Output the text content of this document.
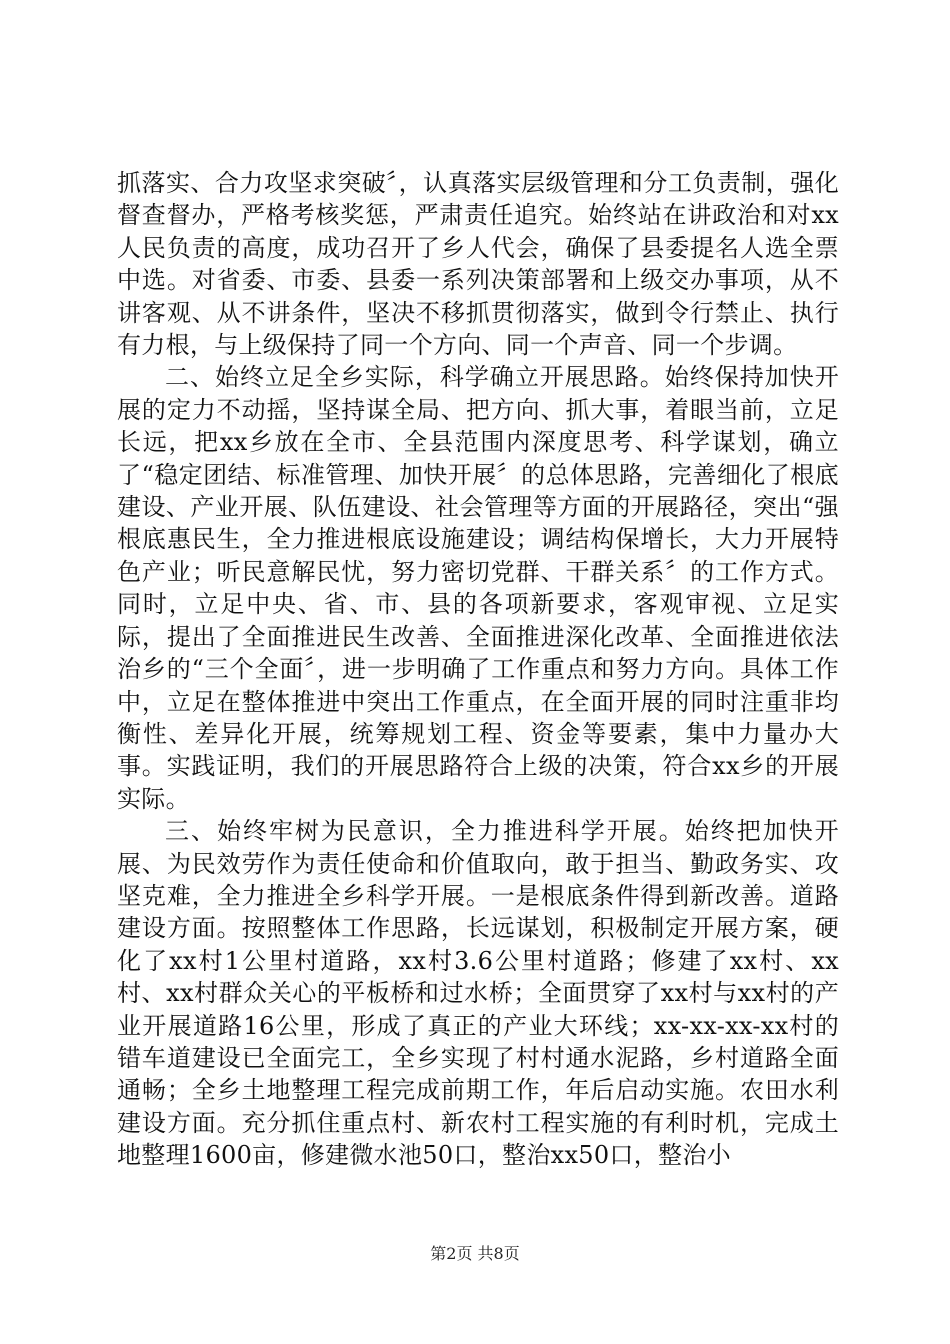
抓落实、合力攻坚求突破〞，认真落实层级管理和分工负责制，强化督查督办，严格考核奖惩，严肃责任追究。始终站在讲政治和对xx人民负责的高度，成功召开了乡人代会，确保了县委提名人选全票中选。对省委、市委、县委一系列决策部署和上级交办事项，从不讲客观、从不讲条件，坚决不移抓贯彻落实，做到令行禁止、执行有力根，与上级保持了同一个方向、同一个声音、同一个步调。

二、始终立足全乡实际，科学确立开展思路。始终保持加快开展的定力不动摇，坚持谋全局、把方向、抓大事，着眼当前，立足长远，把xx乡放在全市、全县范围内深度思考、科学谋划，确立了“稳定团结、标准管理、加快开展〞的总体思路，完善细化了根底建设、产业开展、队伍建设、社会管理等方面的开展路径，突出“强根底惠民生，全力推进根底设施建设；调结构保增长，大力开展特色产业；听民意解民忧，努力密切党群、干群关系〞的工作方式。同时，立足中央、省、市、县的各项新要求，客观审视、立足实际，提出了全面推进民生改善、全面推进深化改革、全面推进依法治乡的“三个全面〞，进一步明确了工作重点和努力方向。具体工作中，立足在整体推进中突出工作重点，在全面开展的同时注重非均衡性、差异化开展，统筹规划工程、资金等要素，集中力量办大事。实践证明，我们的开展思路符合上级的决策，符合xx乡的开展实际。

三、始终牢树为民意识，全力推进科学开展。始终把加快开展、为民效劳作为责任使命和价值取向，敢于担当、勤政务实、攻坚克难，全力推进全乡科学开展。一是根底条件得到新改善。道路建设方面。按照整体工作思路，长远谋划，积极制定开展方案，硬化了xx村1公里村道路，xx村3.6公里村道路；修建了xx村、xx村、xx村群众关心的平板桥和过水桥；全面贯穿了xx村与xx村的产业开展道路16公里，形成了真正的产业大环线；xx-xx-xx-xx村的错车道建设已全面完工，全乡实现了村村通水泥路，乡村道路全面通畅；全乡土地整理工程完成前期工作，年后启动实施。农田水利建设方面。充分抓住重点村、新农村工程实施的有利时机，完成土地整理1600亩，修建微水池50口，整治xx50口，整治小

第2页 共8页
